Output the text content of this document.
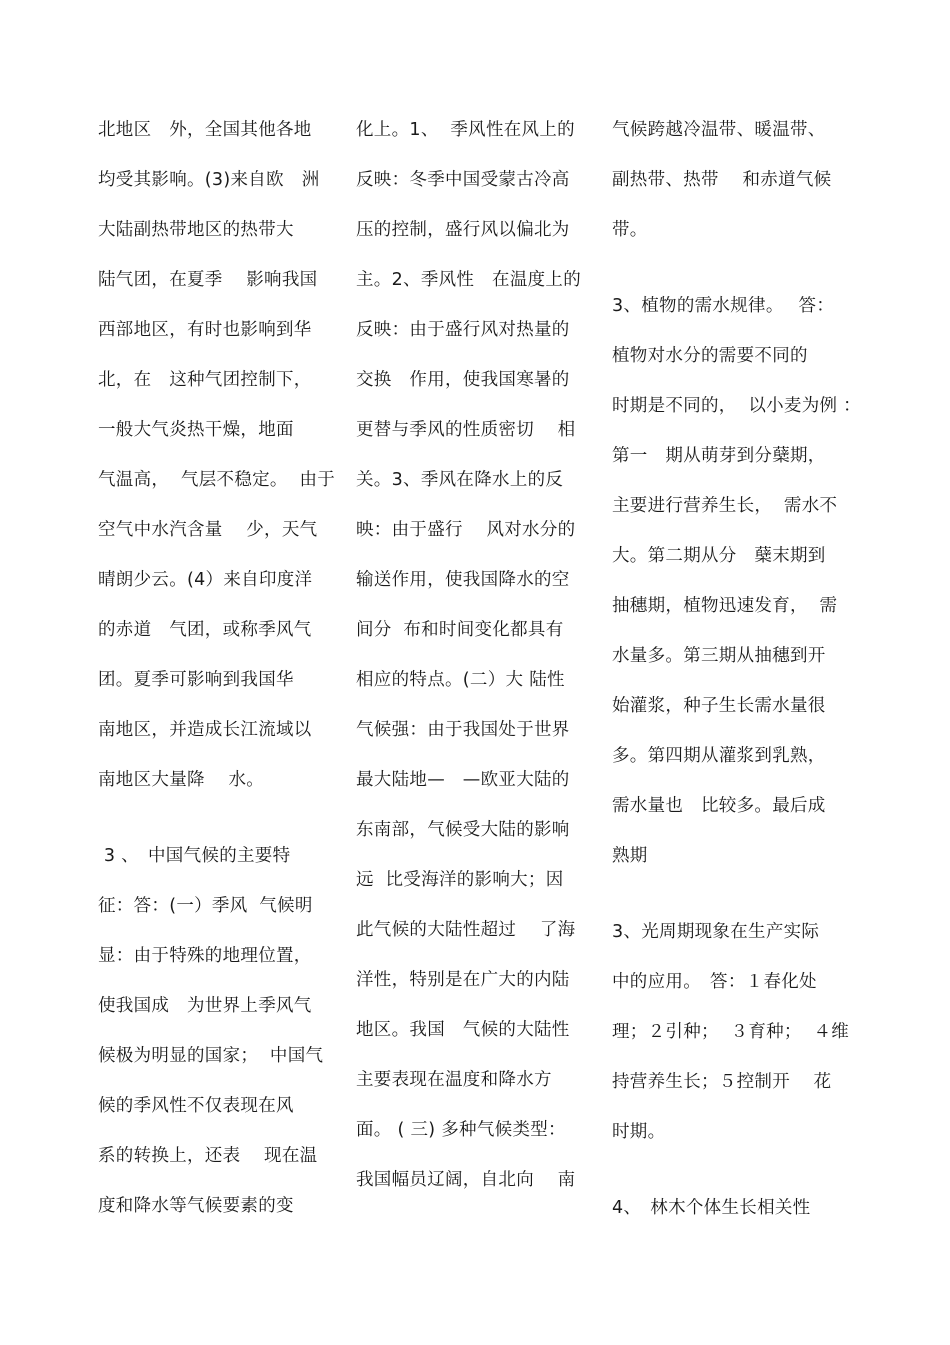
北地区　外，全国其他各地
均受其影响。(3)来自欧　洲
大陆副热带地区的热带大
陆气团，在夏季　 影响我国
西部地区，有时也影响到华
北，在　这种气团控制下，
一般大气炎热干燥，地面
气温高，  气层不稳定。  由于
空气中水汽含量　 少，天气
晴朗少云。(4）来自印度洋
的赤道　气团，或称季风气
团。夏季可影响到我国华
南地区，并造成长江流域以
南地区大量降　 水。
3 、　中国气候的主要特
征：答：(一）季风  气候明
显：由于特殊的地理位置，
使我国成　为世界上季风气
候极为明显的国家；  中国气
候的季风性不仅表现在风
系的转换上，还表　 现在温
度和降水等气候要素的变
化上。1、  季风性在风上的
反映：冬季中国受蒙古冷高
压的控制，盛行风以偏北为
主。2、季风性　在温度上的
反映：由于盛行风对热量的
交换　作用，使我国寒暑的
更替与季风的性质密切　 相
关。3、季风在降水上的反
映：由于盛行　 风对水分的
输送作用，使我国降水的空
间分  布和时间变化都具有
相应的特点。(二）大 陆性
气候强：由于我国处于世界
最大陆地—　—欧亚大陆的
东南部，气候受大陆的影响
远  比受海洋的影响大；因
此气候的大陆性超过　 了海
洋性，特别是在广大的内陆
地区。我国　气候的大陆性
主要表现在温度和降水方
面。 ( 三) 多种气候类型：
我国幅员辽阔，自北向　 南
气候跨越冷温带、暖温带、
副热带、热带　 和赤道气候
带。
3、植物的需水规律。　 答：
植物对水分的需要不同的
时期是不同的，  以小麦为例 ：
第一　期从萌芽到分蘖期，
主要进行营养生长，  需水不
大。第二期从分　蘖末期到
抽穗期，植物迅速发育，  需
水量多。第三期从抽穗到开
始灌浆，种子生长需水量很
多。第四期从灌浆到乳熟，
需水量也　比较多。最后成
熟期
3、光周期现象在生产实际
中的应用。　答：１春化处
理；２引种；  ３育种；  ４维
持营养生长；５控制开　 花
时期。
4、　林木个体生长相关性
